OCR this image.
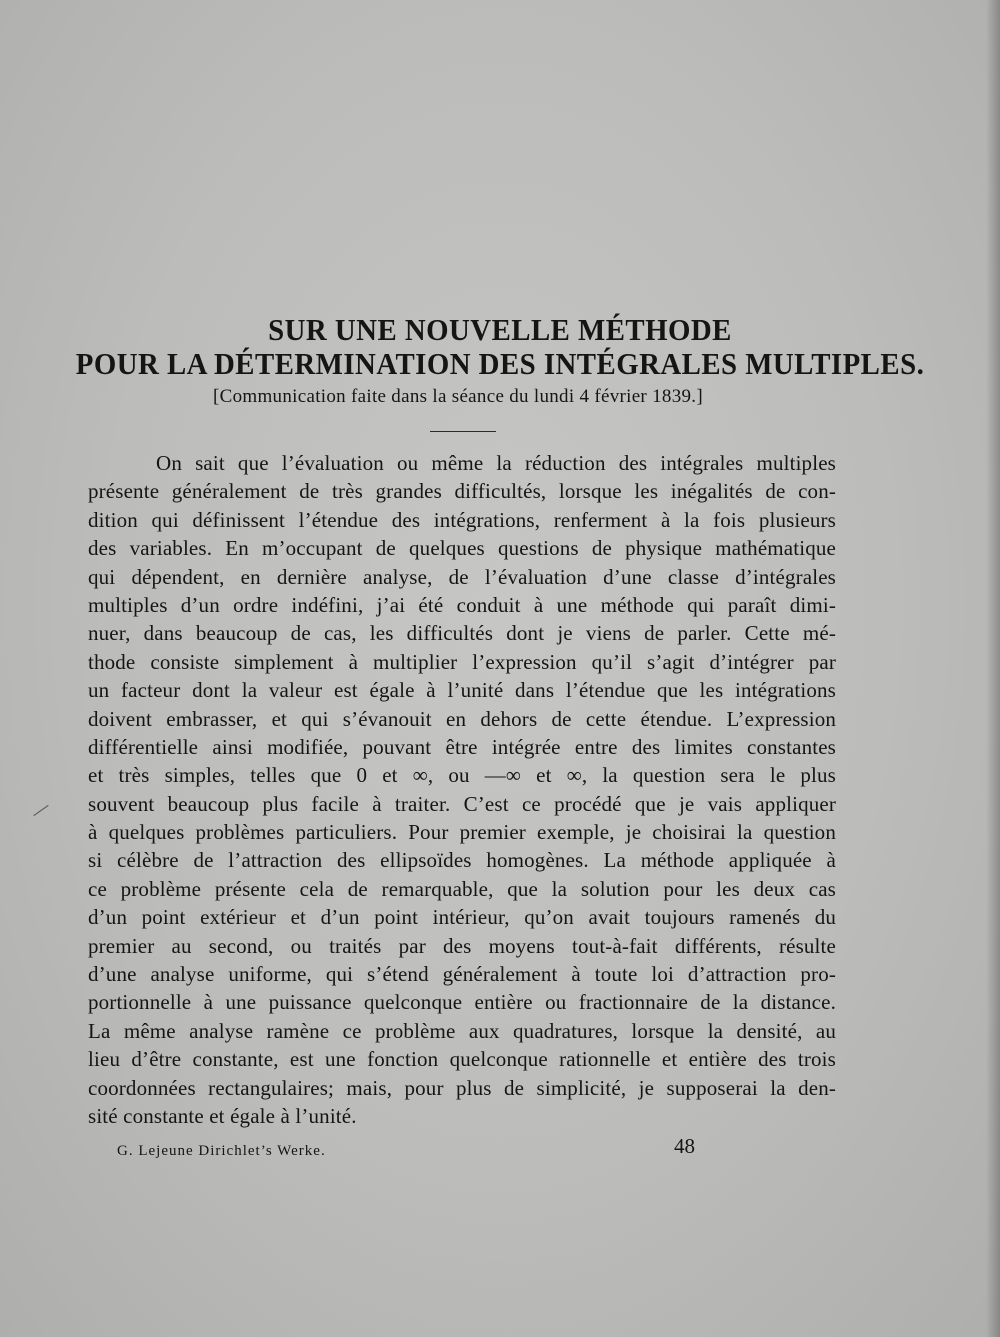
SUR UNE NOUVELLE MÉTHODE
POUR LA DÉTERMINATION DES INTÉGRALES MULTIPLES.
[Communication faite dans la séance du lundi 4 février 1839.]
On sait que l’évaluation ou même la réduction des intégrales multiples
présente généralement de très grandes difficultés, lorsque les inégalités de con-
dition qui définissent l’étendue des intégrations, renferment à la fois plusieurs
des variables. En m’occupant de quelques questions de physique mathématique
qui dépendent, en dernière analyse, de l’évaluation d’une classe d’intégrales
multiples d’un ordre indéfini, j’ai été conduit à une méthode qui paraît dimi-
nuer, dans beaucoup de cas, les difficultés dont je viens de parler. Cette mé-
thode consiste simplement à multiplier l’expression qu’il s’agit d’intégrer par
un facteur dont la valeur est égale à l’unité dans l’étendue que les intégrations
doivent embrasser, et qui s’évanouit en dehors de cette étendue. L’expression
différentielle ainsi modifiée, pouvant être intégrée entre des limites constantes
et très simples, telles que 0 et ∞, ou —∞ et ∞, la question sera le plus
souvent beaucoup plus facile à traiter. C’est ce procédé que je vais appliquer
à quelques problèmes particuliers. Pour premier exemple, je choisirai la question
si célèbre de l’attraction des ellipsoïdes homogènes. La méthode appliquée à
ce problème présente cela de remarquable, que la solution pour les deux cas
d’un point extérieur et d’un point intérieur, qu’on avait toujours ramenés du
premier au second, ou traités par des moyens tout-à-fait différents, résulte
d’une analyse uniforme, qui s’étend généralement à toute loi d’attraction pro-
portionnelle à une puissance quelconque entière ou fractionnaire de la distance.
La même analyse ramène ce problème aux quadratures, lorsque la densité, au
lieu d’être constante, est une fonction quelconque rationnelle et entière des trois
coordonnées rectangulaires; mais, pour plus de simplicité, je supposerai la den-
sité constante et égale à l’unité.
G. Lejeune Dirichlet’s Werke.	48
